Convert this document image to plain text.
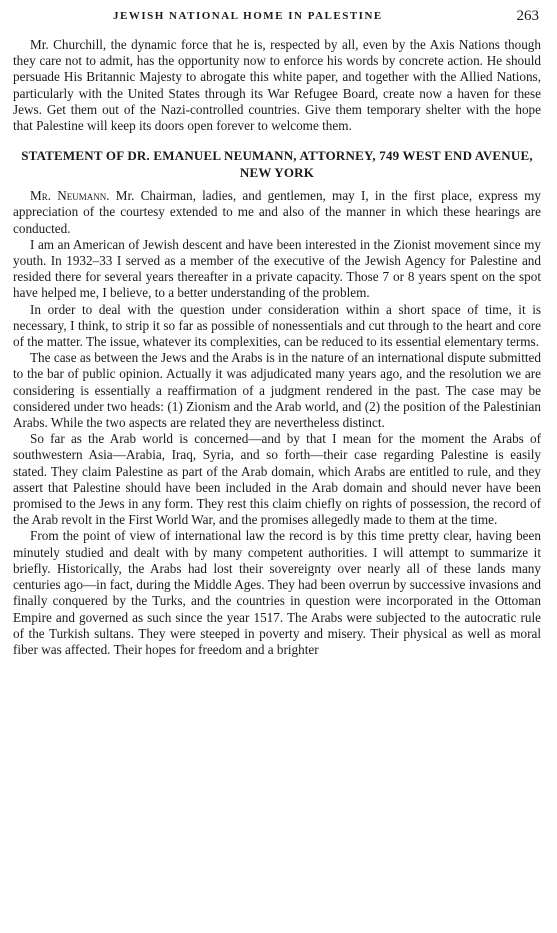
JEWISH NATIONAL HOME IN PALESTINE	263

Mr. Churchill, the dynamic force that he is, respected by all, even by the Axis Nations though they care not to admit, has the opportunity now to enforce his words by concrete action. He should persuade His Britannic Majesty to abrogate this white paper, and together with the Allied Nations, particularly with the United States through its War Refugee Board, create now a haven for these Jews. Get them out of the Nazi-controlled countries. Give them temporary shelter with the hope that Palestine will keep its doors open forever to welcome them.

STATEMENT OF DR. EMANUEL NEUMANN, ATTORNEY, 749 WEST END AVENUE, NEW YORK

Mr. Neumann. Mr. Chairman, ladies, and gentlemen, may I, in the first place, express my appreciation of the courtesy extended to me and also of the manner in which these hearings are conducted.

I am an American of Jewish descent and have been interested in the Zionist movement since my youth. In 1932–33 I served as a member of the executive of the Jewish Agency for Palestine and resided there for several years thereafter in a private capacity. Those 7 or 8 years spent on the spot have helped me, I believe, to a better understanding of the problem.

In order to deal with the question under consideration within a short space of time, it is necessary, I think, to strip it so far as possible of nonessentials and cut through to the heart and core of the matter. The issue, whatever its complexities, can be reduced to its essential elementary terms.

The case as between the Jews and the Arabs is in the nature of an international dispute submitted to the bar of public opinion. Actually it was adjudicated many years ago, and the resolution we are considering is essentially a reaffirmation of a judgment rendered in the past. The case may be considered under two heads: (1) Zionism and the Arab world, and (2) the position of the Palestinian Arabs. While the two aspects are related they are nevertheless distinct.

So far as the Arab world is concerned—and by that I mean for the moment the Arabs of southwestern Asia—Arabia, Iraq, Syria, and so forth—their case regarding Palestine is easily stated. They claim Palestine as part of the Arab domain, which Arabs are entitled to rule, and they assert that Palestine should have been included in the Arab domain and should never have been promised to the Jews in any form. They rest this claim chiefly on rights of possession, the record of the Arab revolt in the First World War, and the promises allegedly made to them at the time.

From the point of view of international law the record is by this time pretty clear, having been minutely studied and dealt with by many competent authorities. I will attempt to summarize it briefly. Historically, the Arabs had lost their sovereignty over nearly all of these lands many centuries ago—in fact, during the Middle Ages. They had been overrun by successive invasions and finally conquered by the Turks, and the countries in question were incorporated in the Ottoman Empire and governed as such since the year 1517. The Arabs were subjected to the autocratic rule of the Turkish sultans. They were steeped in poverty and misery. Their physical as well as moral fiber was affected. Their hopes for freedom and a brighter
